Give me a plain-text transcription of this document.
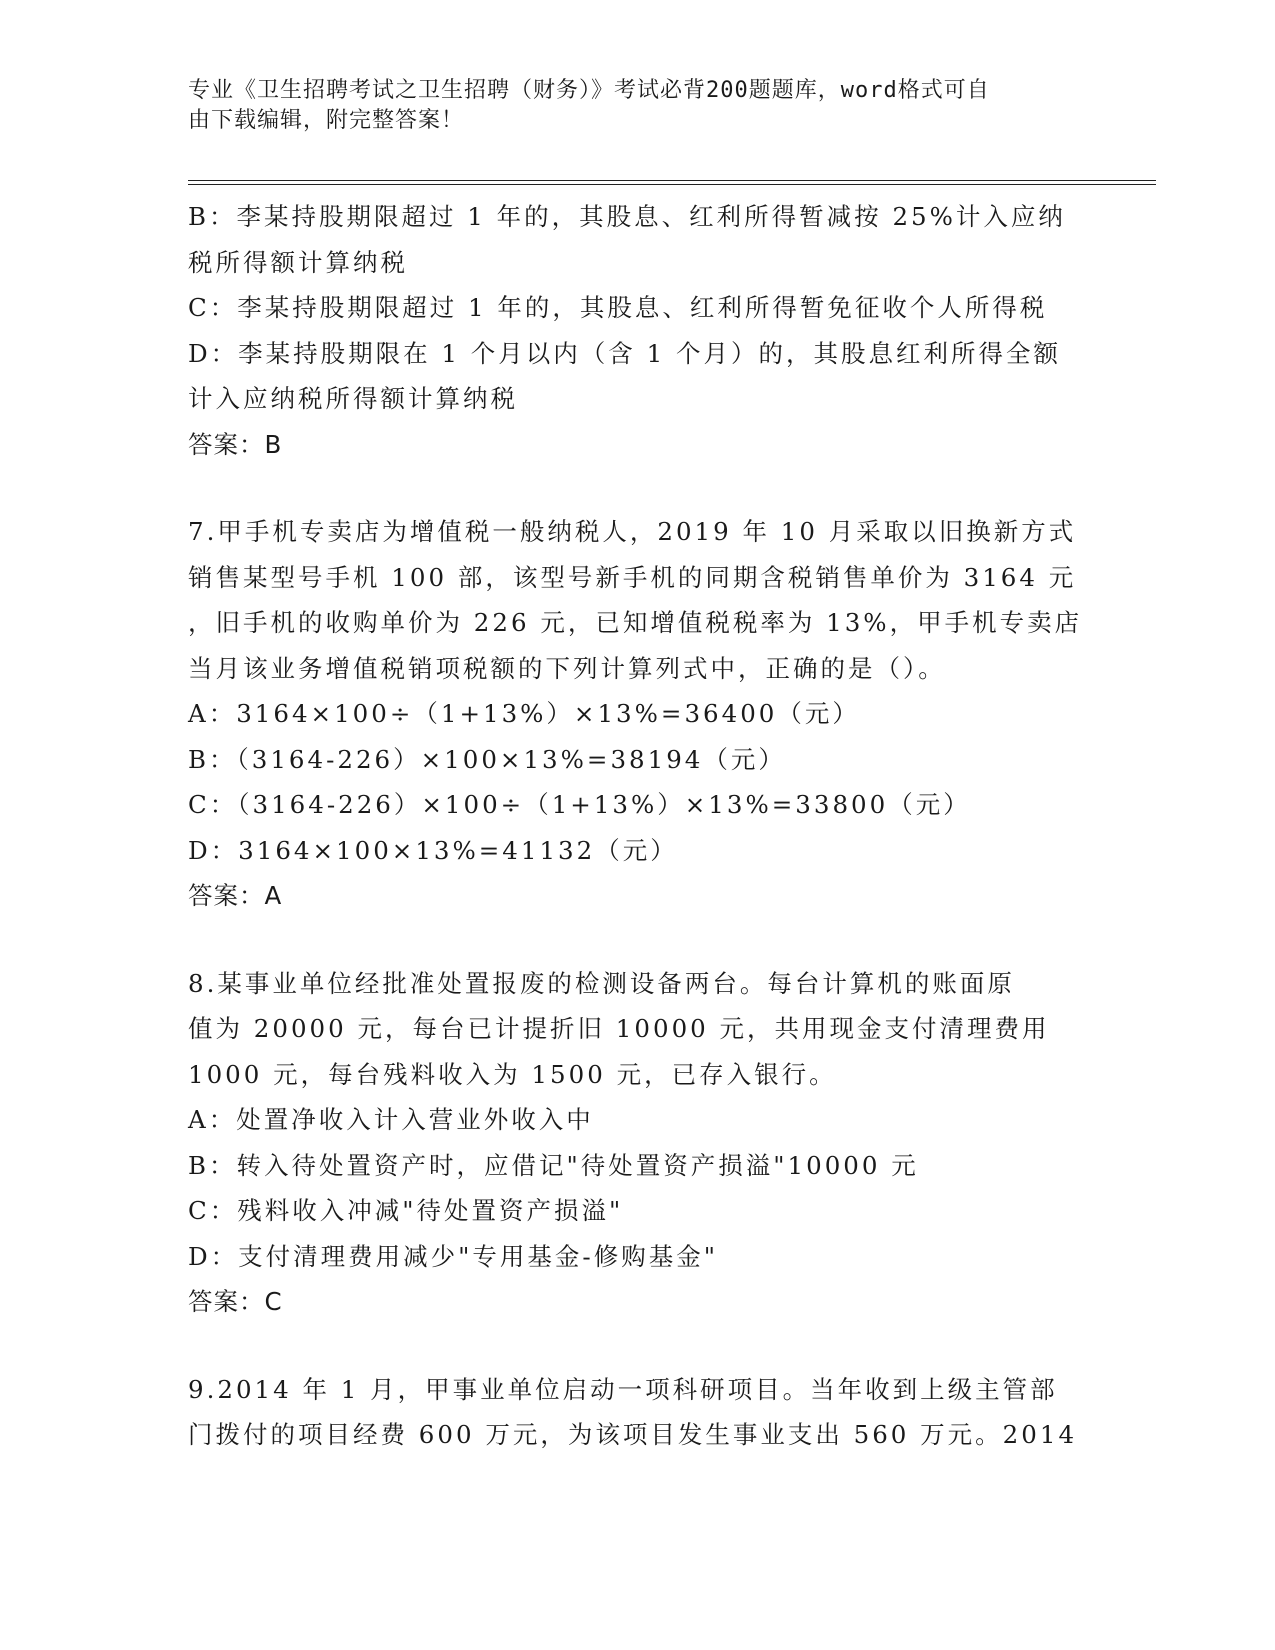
专业《卫生招聘考试之卫生招聘（财务）》考试必背200题题库，word格式可自
由下载编辑，附完整答案！
B：李某持股期限超过 1 年的，其股息、红利所得暂减按 25%计入应纳
税所得额计算纳税
C：李某持股期限超过 1 年的，其股息、红利所得暂免征收个人所得税
D：李某持股期限在 1 个月以内（含 1 个月）的，其股息红利所得全额
计入应纳税所得额计算纳税
答案：B
7.甲手机专卖店为增值税一般纳税人，2019 年 10 月采取以旧换新方式
销售某型号手机 100 部，该型号新手机的同期含税销售单价为 3164 元
，旧手机的收购单价为 226 元，已知增值税税率为 13%，甲手机专卖店
当月该业务增值税销项税额的下列计算列式中，正确的是（）。
A：3164×100÷（1+13%）×13%=36400（元）
B：（3164-226）×100×13%=38194（元）
C：（3164-226）×100÷（1+13%）×13%=33800（元）
D：3164×100×13%=41132（元）
答案：A
8.某事业单位经批准处置报废的检测设备两台。每台计算机的账面原
值为 20000 元，每台已计提折旧 10000 元，共用现金支付清理费用
1000 元，每台残料收入为 1500 元，已存入银行。
A：处置净收入计入营业外收入中
B：转入待处置资产时，应借记"待处置资产损溢"10000 元
C：残料收入冲减"待处置资产损溢"
D：支付清理费用减少"专用基金-修购基金"
答案：C
9.2014 年 1 月，甲事业单位启动一项科研项目。当年收到上级主管部
门拨付的项目经费 600 万元，为该项目发生事业支出 560 万元。2014
